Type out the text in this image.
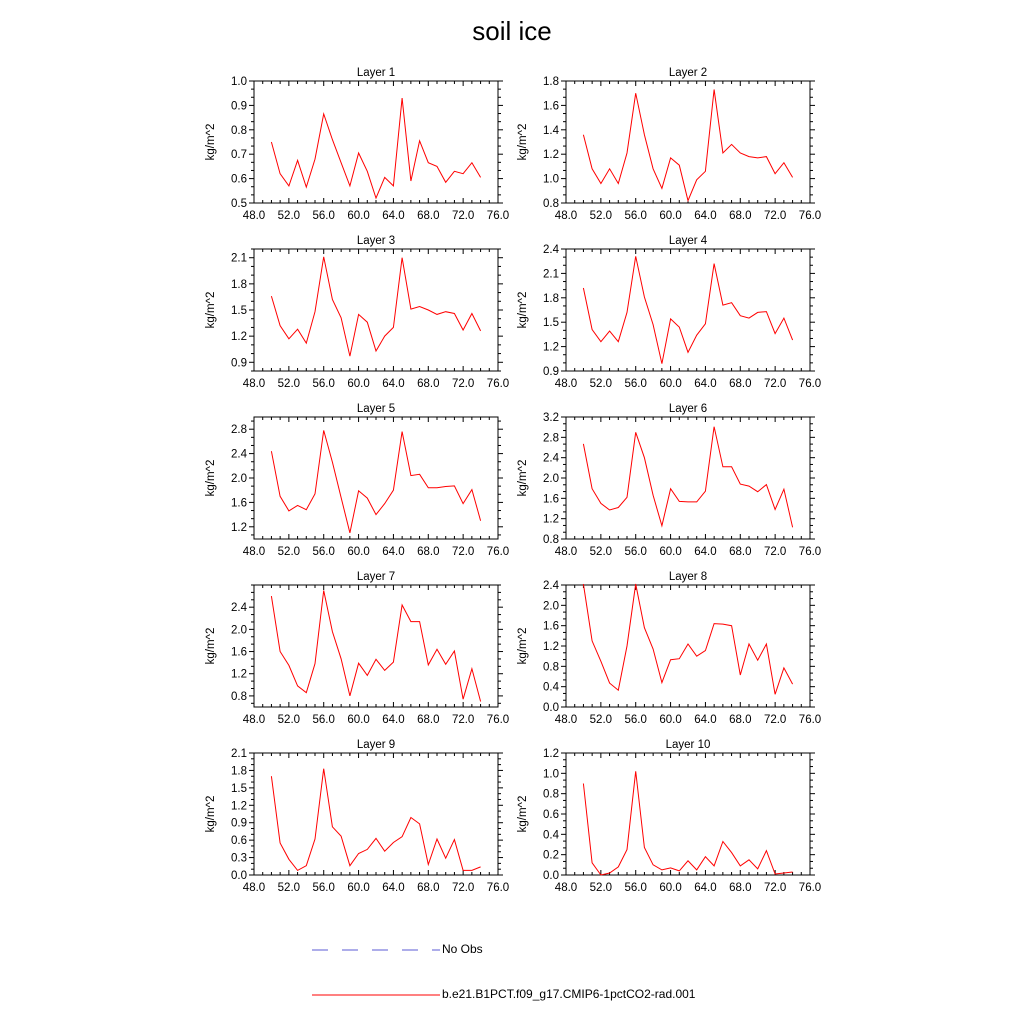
soil ice
Layer 1
48.0 52.0 56.0 60.0 64.0 68.0 72.0 76.0
0.5
0.6
0.7
0.8
0.9
1.0
kg/m^2
Layer 2
48.0 52.0 56.0 60.0 64.0 68.0 72.0 76.0
0.8
1.0
1.2
1.4
1.6
1.8
kg/m^2
Layer 3
48.0 52.0 56.0 60.0 64.0 68.0 72.0 76.0
0.9
1.2
1.5
1.8
2.1
kg/m^2
Layer 4
48.0 52.0 56.0 60.0 64.0 68.0 72.0 76.0
0.9
1.2
1.5
1.8
2.1
2.4
kg/m^2
Layer 5
48.0 52.0 56.0 60.0 64.0 68.0 72.0 76.0
1.2
1.6
2.0
2.4
2.8
kg/m^2
Layer 6
48.0 52.0 56.0 60.0 64.0 68.0 72.0 76.0
0.8
1.2
1.6
2.0
2.4
2.8
3.2
kg/m^2
Layer 7
48.0 52.0 56.0 60.0 64.0 68.0 72.0 76.0
0.8
1.2
1.6
2.0
2.4
kg/m^2
Layer 8
48.0 52.0 56.0 60.0 64.0 68.0 72.0 76.0
0.0
0.4
0.8
1.2
1.6
2.0
2.4
kg/m^2
Layer 9
48.0 52.0 56.0 60.0 64.0 68.0 72.0 76.0
0.0
0.3
0.6
0.9
1.2
1.5
1.8
2.1
kg/m^2
Layer 10
48.0 52.0 56.0 60.0 64.0 68.0 72.0 76.0
0.0
0.2
0.4
0.6
0.8
1.0
1.2
kg/m^2
No Obs
b.e21.B1PCT.f09_g17.CMIP6-1pctCO2-rad.001
